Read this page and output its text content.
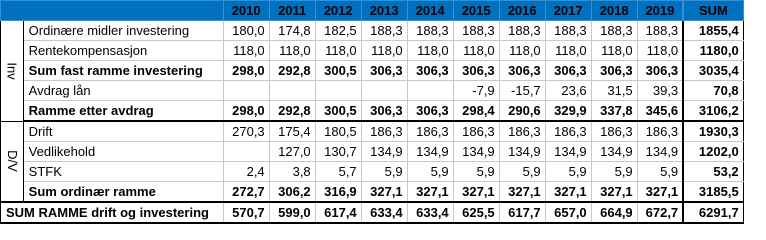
		2010	2011	2012	2013	2014	2015	2016	2017	2018	2019	SUM
Inv	Ordinære midler investering	180,0	174,8	182,5	188,3	188,3	188,3	188,3	188,3	188,3	188,3	1855,4
	Rentekompensasjon	118,0	118,0	118,0	118,0	118,0	118,0	118,0	118,0	118,0	118,0	1180,0
	Sum fast ramme investering	298,0	292,8	300,5	306,3	306,3	306,3	306,3	306,3	306,3	306,3	3035,4
	Avdrag lån						-7,9	-15,7	23,6	31,5	39,3	70,8
	Ramme etter avdrag	298,0	292,8	300,5	306,3	306,3	298,4	290,6	329,9	337,8	345,6	3106,2
D/V	Drift	270,3	175,4	180,5	186,3	186,3	186,3	186,3	186,3	186,3	186,3	1930,3
	Vedlikehold		127,0	130,7	134,9	134,9	134,9	134,9	134,9	134,9	134,9	1202,0
	STFK	2,4	3,8	5,7	5,9	5,9	5,9	5,9	5,9	5,9	5,9	53,2
	Sum ordinær ramme	272,7	306,2	316,9	327,1	327,1	327,1	327,1	327,1	327,1	327,1	3185,5
SUM RAMME drift og investering		570,7	599,0	617,4	633,4	633,4	625,5	617,7	657,0	664,9	672,7	6291,7
